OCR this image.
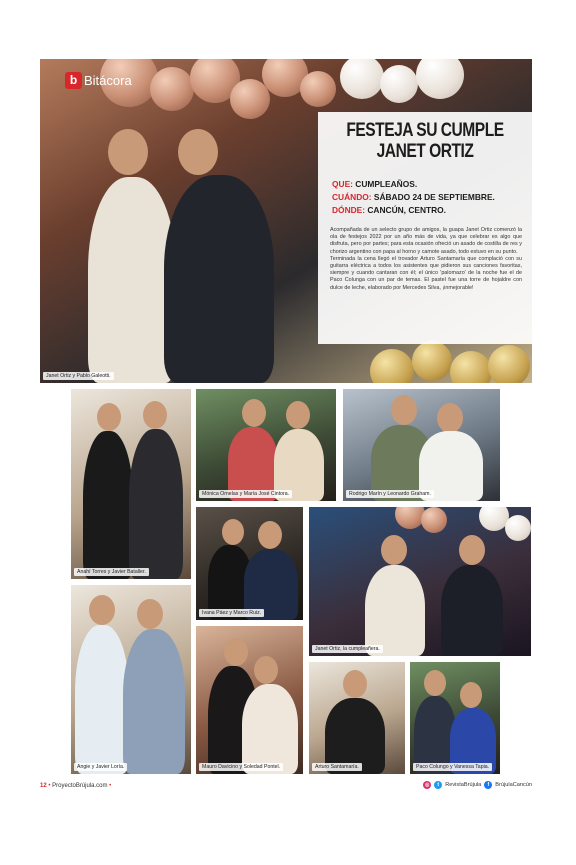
Janet Ortiz y Pablo Galeotti.
b Bitácora
FESTEJA SU CUMPLE
JANET ORTIZ
QUE: CUMPLEAÑOS.
CUÁNDO: SÁBADO 24 DE SEPTIEMBRE.
DÓNDE: CANCÚN, CENTRO.

Acompañada de un selecto grupo de amigos, la guapa Janet Ortiz comenzó la ola de festejos 2022 por un año más de vida, ya que celebrar es algo que disfruta, pero por partes; para esta ocasión ofreció un asado de costilla de res y chorizo argentino con papa al horno y camote asado, todo estuvo en su punto.

Terminada la cena llegó el trovador Arturo Santamaría que complació con su guitarra eléctrica a todos los asistentes que pidieron sus canciones favoritas, siempre y cuando cantaran con él; el único 'palomazo' de la noche fue el de Paco Colunga con un par de temas. El pastel fue una torre de hojaldre con dulce de leche, elaborado por Mercedes Silva, ¡inmejorable!

Anahí Torres y Javier Bataller.
Mónica Ornelas y María José Cintora.	Rodrigo Marín y Leonardo Graham.
Ivana Páez y Marco Ruiz.
Janet Ortiz, la cumpleañera.
Angie y Javier Loría.	Mauro Davicino y Soledad Pontel.	Arturo Santamaría.	Paco Colungo y Vanessa Tapia.
12 • ProyectoBrújula.com •	◎	t	RevistaBrújula	f	BrújulaCancún
